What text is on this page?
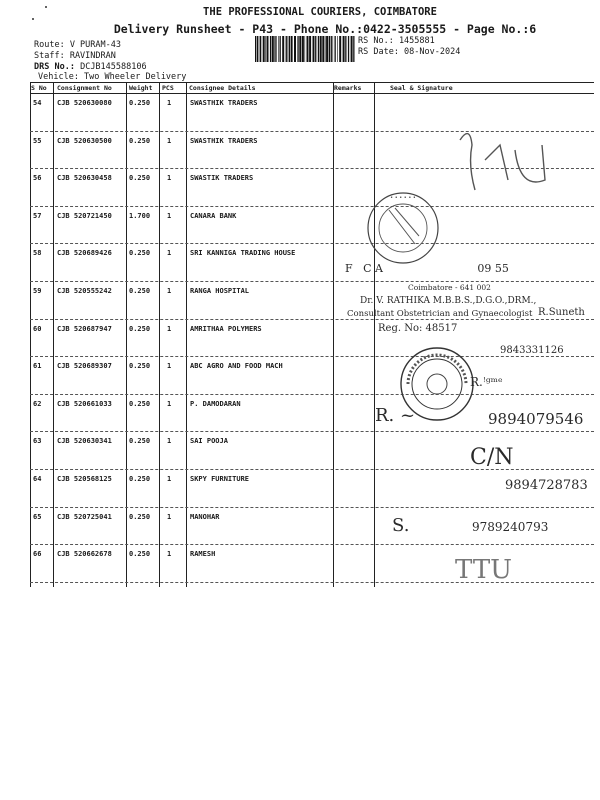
THE PROFESSIONAL COURIERS, COIMBATORE
Delivery Runsheet - P43 - Phone No.:0422-3505555 - Page No.:6
Route: V PURAM-43
Staff: RAVINDRAN
DRS No.: DCJB145588106
Vehicle: Two Wheeler Delivery
RS No.: 1455881
RS Date: 08-Nov-2024
S No Consignment No	Weight PCS Consignee Details	Remarks	Seal & Signature
54 CJB 520630080 0.250 1	SWASTHIK TRADERS
55 CJB 520630500 0.250 1	SWASTHIK TRADERS
56 CJB 520630458 0.250 1	SWASTIK TRADERS
57 CJB 520721450 1.700 1	CANARA BANK
58 CJB 520689426 0.250 1	SRI KANNIGA TRADING HOUSE
59 CJB 520555242 0.250 1	RANGA HOSPITAL
60 CJB 520687947 0.250 1	AMRITHAA POLYMERS
61 CJB 520689307 0.250 1	ABC AGRO AND FOOD MACH
62 CJB 520661033 0.250 1	P. DAMODARAN
63 CJB 520630341 0.250 1	SAI POOJA
64 CJB 520568125 0.250 1	SKPY FURNITURE
65 CJB 520725041 0.250 1	MANOHAR
66 CJB 520662678 0.250 1	RAMESH
• • • • • •
F   C A                           09 55
Coimbatore - 641 002
Dr. V. RATHIKA M.B.B.S.,D.G.O.,DRM.,
Consultant Obstetrician and Gynaecologist R.Suneth
Reg. No: 48517
9843331126
R.ꜝᵍᵐᵉ
R. ~	9894079546
C/N
9894728783
S.	9789240793
TTU
